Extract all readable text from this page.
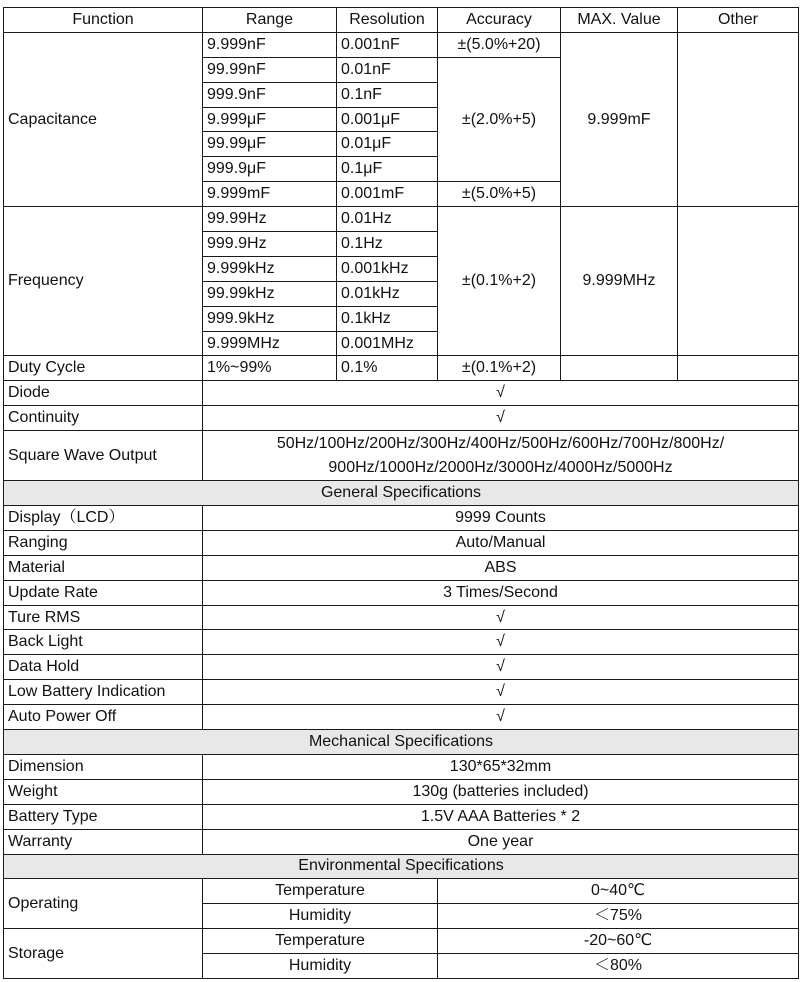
Function	Range	Resolution	Accuracy	MAX. Value	Other
Capacitance	9.999nF	0.001nF	±(5.0%+20)	9.999mF	
	99.99nF	0.01nF	±(2.0%+5)		
	999.9nF	0.1nF			
	9.999μF	0.001μF			
	99.99μF	0.01μF			
	999.9μF	0.1μF			
	9.999mF	0.001mF	±(5.0%+5)		
Frequency	99.99Hz	0.01Hz	±(0.1%+2)	9.999MHz	
	999.9Hz	0.1Hz			
	9.999kHz	0.001kHz			
	99.99kHz	0.01kHz			
	999.9kHz	0.1kHz			
	9.999MHz	0.001MHz			
Duty Cycle	1%~99%	0.1%	±(0.1%+2)		
Diode	√				
Continuity	√				
Square Wave Output	50Hz/100Hz/200Hz/300Hz/400Hz/500Hz/600Hz/700Hz/800Hz/ 900Hz/1000Hz/2000Hz/3000Hz/4000Hz/5000Hz				
General Specifications					
Display（LCD）	9999 Counts				
Ranging	Auto/Manual				
Material	ABS				
Update Rate	3 Times/Second				
Ture RMS	√				
Back Light	√				
Data Hold	√				
Low Battery Indication	√				
Auto Power Off	√				
Mechanical Specifications					
Dimension	130*65*32mm				
Weight	130g (batteries included)				
Battery Type	1.5V AAA Batteries * 2				
Warranty	One year				
Environmental Specifications					
Operating	Temperature		0~40℃		
	Humidity		＜75%		
Storage	Temperature		-20~60℃		
	Humidity		＜80%		
